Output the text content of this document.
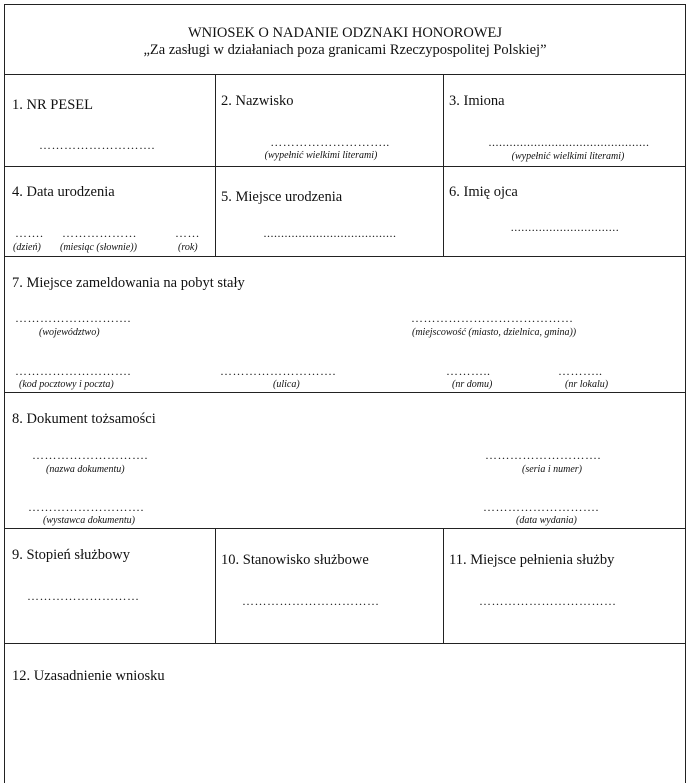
WNIOSEK O NADANIE ODZNAKI HONOROWEJ
„Za zasługi w działaniach poza granicami Rzeczypospolitej Polskiej”
1. NR PESEL
……………………….
2. Nazwisko
………………………..
(wypełnić wielkimi literami)
3. Imiona
..............................................
(wypełnić wielkimi literami)
4. Data urodzenia
……. ………………	……
(dzień) (miesiąc (słownie))	(rok)
5. Miejsce urodzenia
......................................
6. Imię ojca
...............................
7. Miejsce zameldowania na pobyt stały
……………………….
(województwo)
…………………………………
(miejscowość (miasto, dzielnica, gmina))
……………………….
(kod pocztowy i poczta)
……………………….
(ulica)
………..
(nr domu)
………..
(nr lokalu)
8. Dokument tożsamości
……………………….
(nazwa dokumentu)
……………………….
(seria i numer)
……………………….
(wystawca dokumentu)
……………………….
(data wydania)
9. Stopień służbowy
………………………
10. Stanowisko służbowe
……………………………
11. Miejsce pełnienia służby
……………………………
12. Uzasadnienie wniosku
